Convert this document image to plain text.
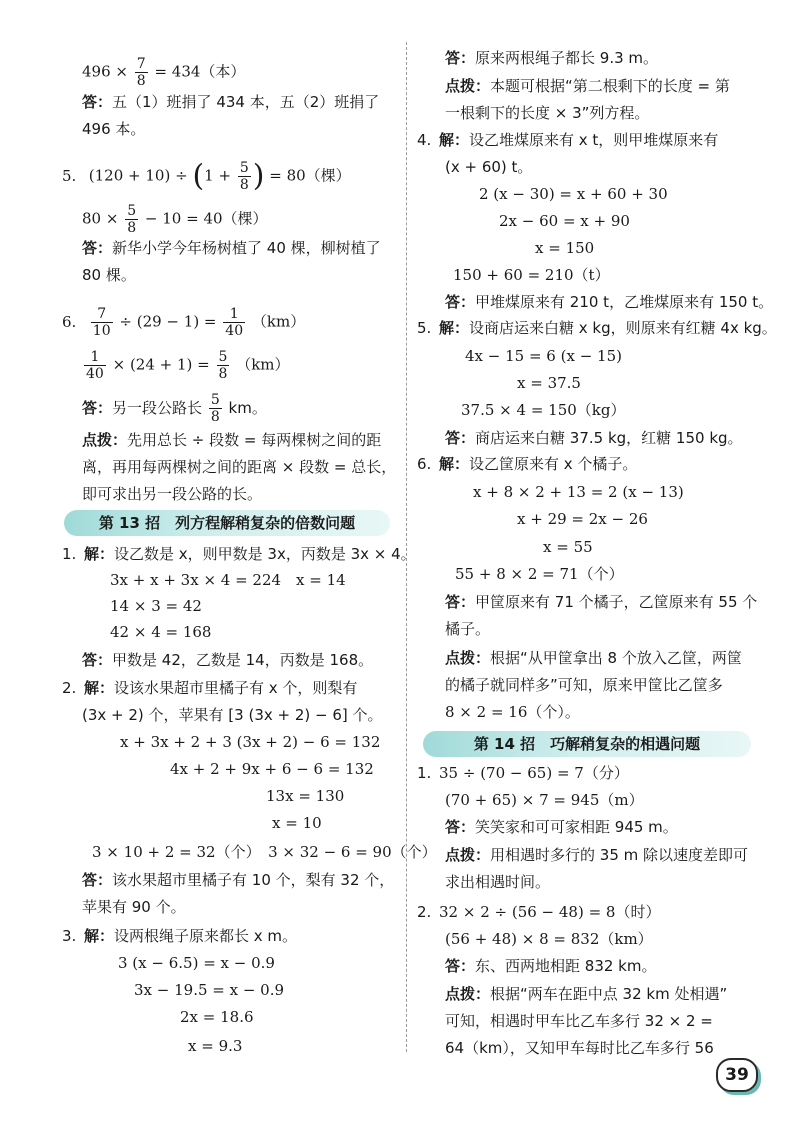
$496 \times \frac{7}{8} = 434$（本）
答：五（1）班捐了 434 本，五（2）班捐了
496 本。
5. $(120 + 10) \div (1 + \frac{5}{8}$ ) = 80（棵）
$80 \times \frac{5}{8} - 10 = 40$（棵）
答：新华小学今年杨树植了 40 棵，柳树植了
80 棵。
6. $\frac{7}{10} \div (29 - 1) = \frac{1}{40} (km)$
$\frac{1}{40} \times (24 + 1) = \frac{5}{8} (km)$
答：另一段公路长 $\frac{5}{8}$ km。
点拨：先用总长 ÷ 段数 = 每两棵树之间的距
离，再用每两棵树之间的距离 × 段数 = 总长，
即可求出另一段公路的长。
第 13 招　列方程解稍复杂的倍数问题
1. 解：设乙数是 x，则甲数是 3x，丙数是 3x × 4。
3x + x + 3x × 4 = 224　x = 14
14 × 3 = 42
42 × 4 = 168
答：甲数是 42，乙数是 14，丙数是 168。
2. 解：设该水果超市里橘子有 x 个，则梨有
(3x + 2) 个，苹果有 [3 (3x + 2) − 6] 个。
x + 3x + 2 + 3 (3x + 2) − 6 = 132
4x + 2 + 9x + 6 − 6 = 132
13x = 130
x = 10
3 × 10 + 2 = 32（个）　3 × 32 − 6 = 90（个）
答：该水果超市里橘子有 10 个，梨有 32 个，
苹果有 90 个。
3. 解：设两根绳子原来都长 x m。
3 (x − 6.5) = x − 0.9
3x − 19.5 = x − 0.9
2x = 18.6
x = 9.3
答：原来两根绳子都长 9.3 m。
点拨：本题可根据“第二根剩下的长度 = 第
一根剩下的长度 × 3”列方程。
4. 解：设乙堆煤原来有 x t，则甲堆煤原来有
(x + 60) t。
2 (x − 30) = x + 60 + 30
2x − 60 = x + 90
x = 150
150 + 60 = 210（t）
答：甲堆煤原来有 210 t，乙堆煤原来有 150 t。
5. 解：设商店运来白糖 x kg，则原来有红糖 4x kg。
4x − 15 = 6 (x − 15)
x = 37.5
37.5 × 4 = 150（kg）
答：商店运来白糖 37.5 kg，红糖 150 kg。
6. 解：设乙筐原来有 x 个橘子。
x + 8 × 2 + 13 = 2 (x − 13)
x + 29 = 2x − 26
x = 55
55 + 8 × 2 = 71（个）
答：甲筐原来有 71 个橘子，乙筐原来有 55 个
橘子。
点拨：根据“从甲筐拿出 8 个放入乙筐，两筐
的橘子就同样多”可知，原来甲筐比乙筐多
8 × 2 = 16（个）。
第 14 招　巧解稍复杂的相遇问题
1. 35 ÷ (70 − 65) = 7（分）
(70 + 65) × 7 = 945（m）
答：笑笑家和可可家相距 945 m。
点拨：用相遇时多行的 35 m 除以速度差即可
求出相遇时间。
2. 32 × 2 ÷ (56 − 48) = 8（时）
(56 + 48) × 8 = 832（km）
答：东、西两地相距 832 km。
点拨：根据“两车在距中点 32 km 处相遇”
可知，相遇时甲车比乙车多行 32 × 2 =
64（km），又知甲车每时比乙车多行 56
39
